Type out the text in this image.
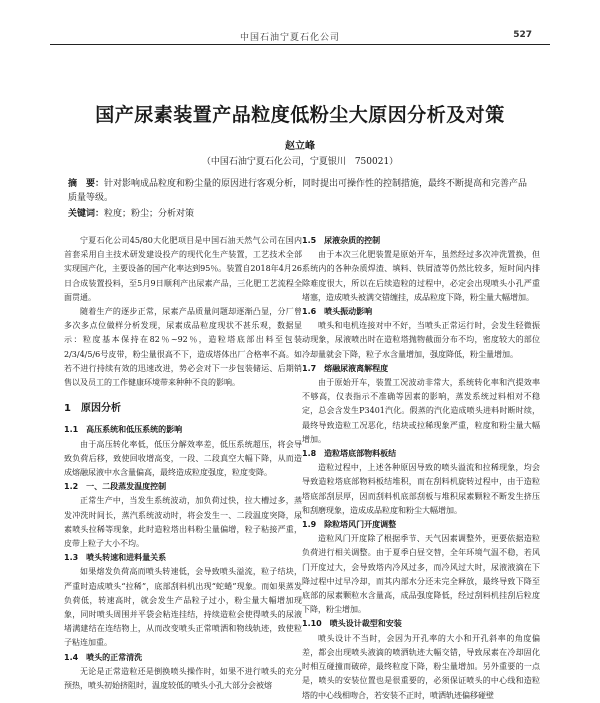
中国石油宁夏石化公司	527
国产尿素装置产品粒度低粉尘大原因分析及对策
赵立峰
（中国石油宁夏石化公司，宁夏银川　750021）
摘　要：针对影响成品粒度和粉尘量的原因进行客观分析，同时提出可操作性的控制措施，最终不断提高和完善产品质量等级。
关键词：粒度；粉尘；分析对策

宁夏石化公司45/80大化肥项目是中国石油天然气公司在国内首套采用自主技术研发建设投产的现代化生产装置，工艺技术全部实现国产化，主要设备的国产化率达到95％。装置自2018年4月26日合成装置投料，至5月9日顺利产出尿素产品，三化肥工艺流程全面贯通。

随着生产的逐步正常，尿素产品质量问题却逐渐凸显，分厂曾多次多点位做样分析发现，尿素成品粒度现状不甚乐观，数据显示：粒度基本保持在82％~92％，造粒塔底部出料至包装2/3/4/5/6号皮带，粉尘量很高不下，造成塔体出厂合格率不高。如若不进行持续有效的迅速改进，势必会对下一步包装储运、后期销售以及员工的工作健康环境带来种种不良的影响。

1　原因分析
1.1　高压系统和低压系统的影响

由于高压转化率低，低压分解效率差，低压系统超压，将会导致负荷后移，致使回收增高变，一段、二段真空大幅下降，从而造成熔融尿液中水含量偏高，最终造成粒度强度，粒度变降。

1.2　一、二段蒸发温度控制

正常生产中，当发生系统波动，加负荷过快，拉大槽过多，蒸发冲洗时间长，蒸汽系统波动时，将会发生一、二段温度突降，尿素喷头拉稀等现象，此时造粒塔出料粉尘量偏增，粒子粘接严重，皮带上粒子大小不均。

1.3　喷头转速和进料量关系

如果熔发负荷高而喷头转速低，会导致喷头溢流，粒子结块，严重时造成喷头“拉稀”，底部刮料机出现“蛇蜷”现象。而如果蒸发负荷低，转速高时，就会发生产品粒子过小，粉尘量大幅增加现象，同时喷头周围并平袋会粘连挂结，持续造粒会使得喷头的尿液堵满建结在连结物上，从而改变喷头正常喷洒和物线轨迹，致使粒子粘连加重。

1.4　喷头的正常清洗

无论是正常造粒还是倒换喷头操作时，如果不进行喷头的充分预热，喷头初始挤阻时，温度较低的喷头小孔大部分会被熔

1.5　尿液杂质的控制

由于本次三化肥装置是原始开车，虽然经过多次冲洗置换，但系统内的各种杂质焊渣、填料、铁屑渣等仍然比较多，短时间内排除难度很大，所以在后续造粒的过程中，必定会出现喷头小孔严重堵塞，造成喷头被满交错缠挂，成品粒度下降，粉尘量大幅增加。

1.6　喷头振动影响

喷头和电机连接对中不好，当喷头正常运行时，会发生轻微振动现象，尿液喷出时在造粒塔抛物截面分布不均，密度较大的部位冷却量就会下降，粒子水含量增加，强度降低，粉尘量增加。

1.7　熔融尿液离解程度

由于原始开车，装置工况波动非常大，系统转化率和汽提效率不够高，仪表指示不准确等因素的影响，蒸发系统过料相对不稳定，总会含发生P3401汽化。假蒸的汽化造成喷头进料时断时续，最终导致造粒工况恶化，结块或拉稀现象严重，粒度和粉尘量大幅增加。

1.8　造粒塔底部物料板结

造粒过程中，上述各种原因导致的喷头溢流和拉稀现象，均会导致造粒塔底部物料板结堆积，而在刮料机旋转过程中，由于造粒塔底部刮层厚，因而刮料机底部刮板与堆积尿素颗粒不断发生挤压和刮磨现象，造成成品粒度和粉尘大幅增加。

1.9　除粒塔风门开度调整

造粒风门开度除了根据季节、天气因素调整外，更要依据造粒负荷进行相关调整。由于夏季白昼交替，全年环境气温不稳，若风门开度过大，会导致塔内冷风过多，而冷风过大时，尿液液滴在下降过程中过早冷却，而其内部水分还未完全释放，最终导致下降至底部的尿素颗粒水含量高，成品强度降低，经过刮料机挂刮后粒度下降，粉尘增加。

1.10　喷头设计裁型和安装

喷头设计不当时，会因为开孔率的大小和开孔斜率的角度偏差，都会出现喷头液滴的喷洒轨迹大幅交错，导致尿素在冷却固化时相互碰撞而破碎，最终粒度下降，粉尘量增加。另外重要的一点是，喷头的安装位置也是很重要的，必须保证喷头的中心线和造粒塔的中心线相吻合，若安装不正时，喷洒轨迹偏移碰壁
